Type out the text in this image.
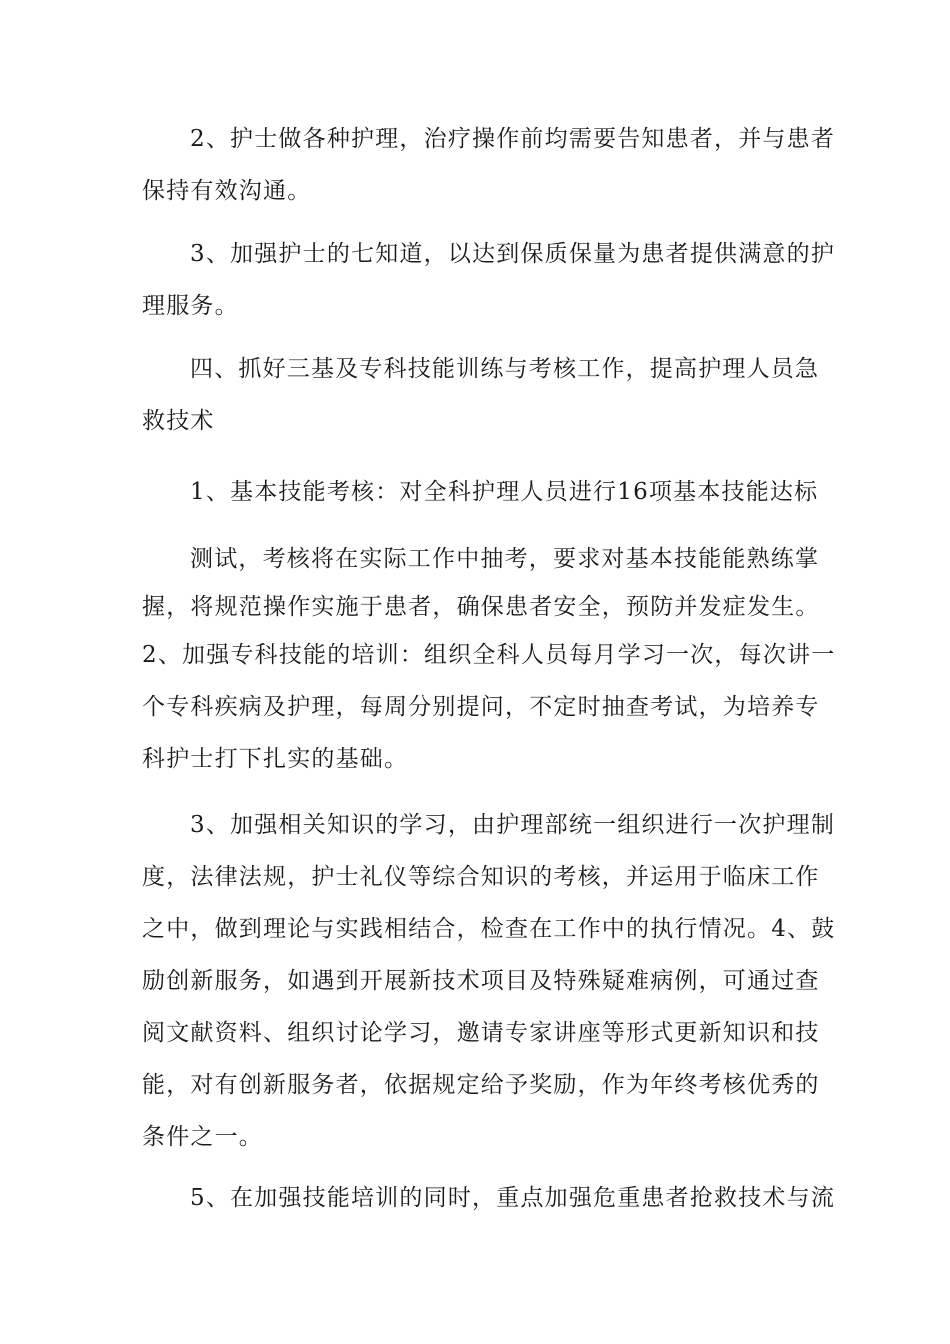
2、护士做各种护理，治疗操作前均需要告知患者，并与患者
保持有效沟通。
3、加强护士的七知道，以达到保质保量为患者提供满意的护
理服务。
四、抓好三基及专科技能训练与考核工作，提高护理人员急
救技术
1、基本技能考核：对全科护理人员进行16项基本技能达标
测试，考核将在实际工作中抽考，要求对基本技能能熟练掌
握，将规范操作实施于患者，确保患者安全，预防并发症发生。
2、加强专科技能的培训：组织全科人员每月学习一次，每次讲一
个专科疾病及护理，每周分别提问，不定时抽查考试，为培养专
科护士打下扎实的基础。
3、加强相关知识的学习，由护理部统一组织进行一次护理制
度，法律法规，护士礼仪等综合知识的考核，并运用于临床工作
之中，做到理论与实践相结合，检查在工作中的执行情况。4、鼓
励创新服务，如遇到开展新技术项目及特殊疑难病例，可通过查
阅文献资料、组织讨论学习，邀请专家讲座等形式更新知识和技
能，对有创新服务者，依据规定给予奖励，作为年终考核优秀的
条件之一。
5、在加强技能培训的同时，重点加强危重患者抢救技术与流
